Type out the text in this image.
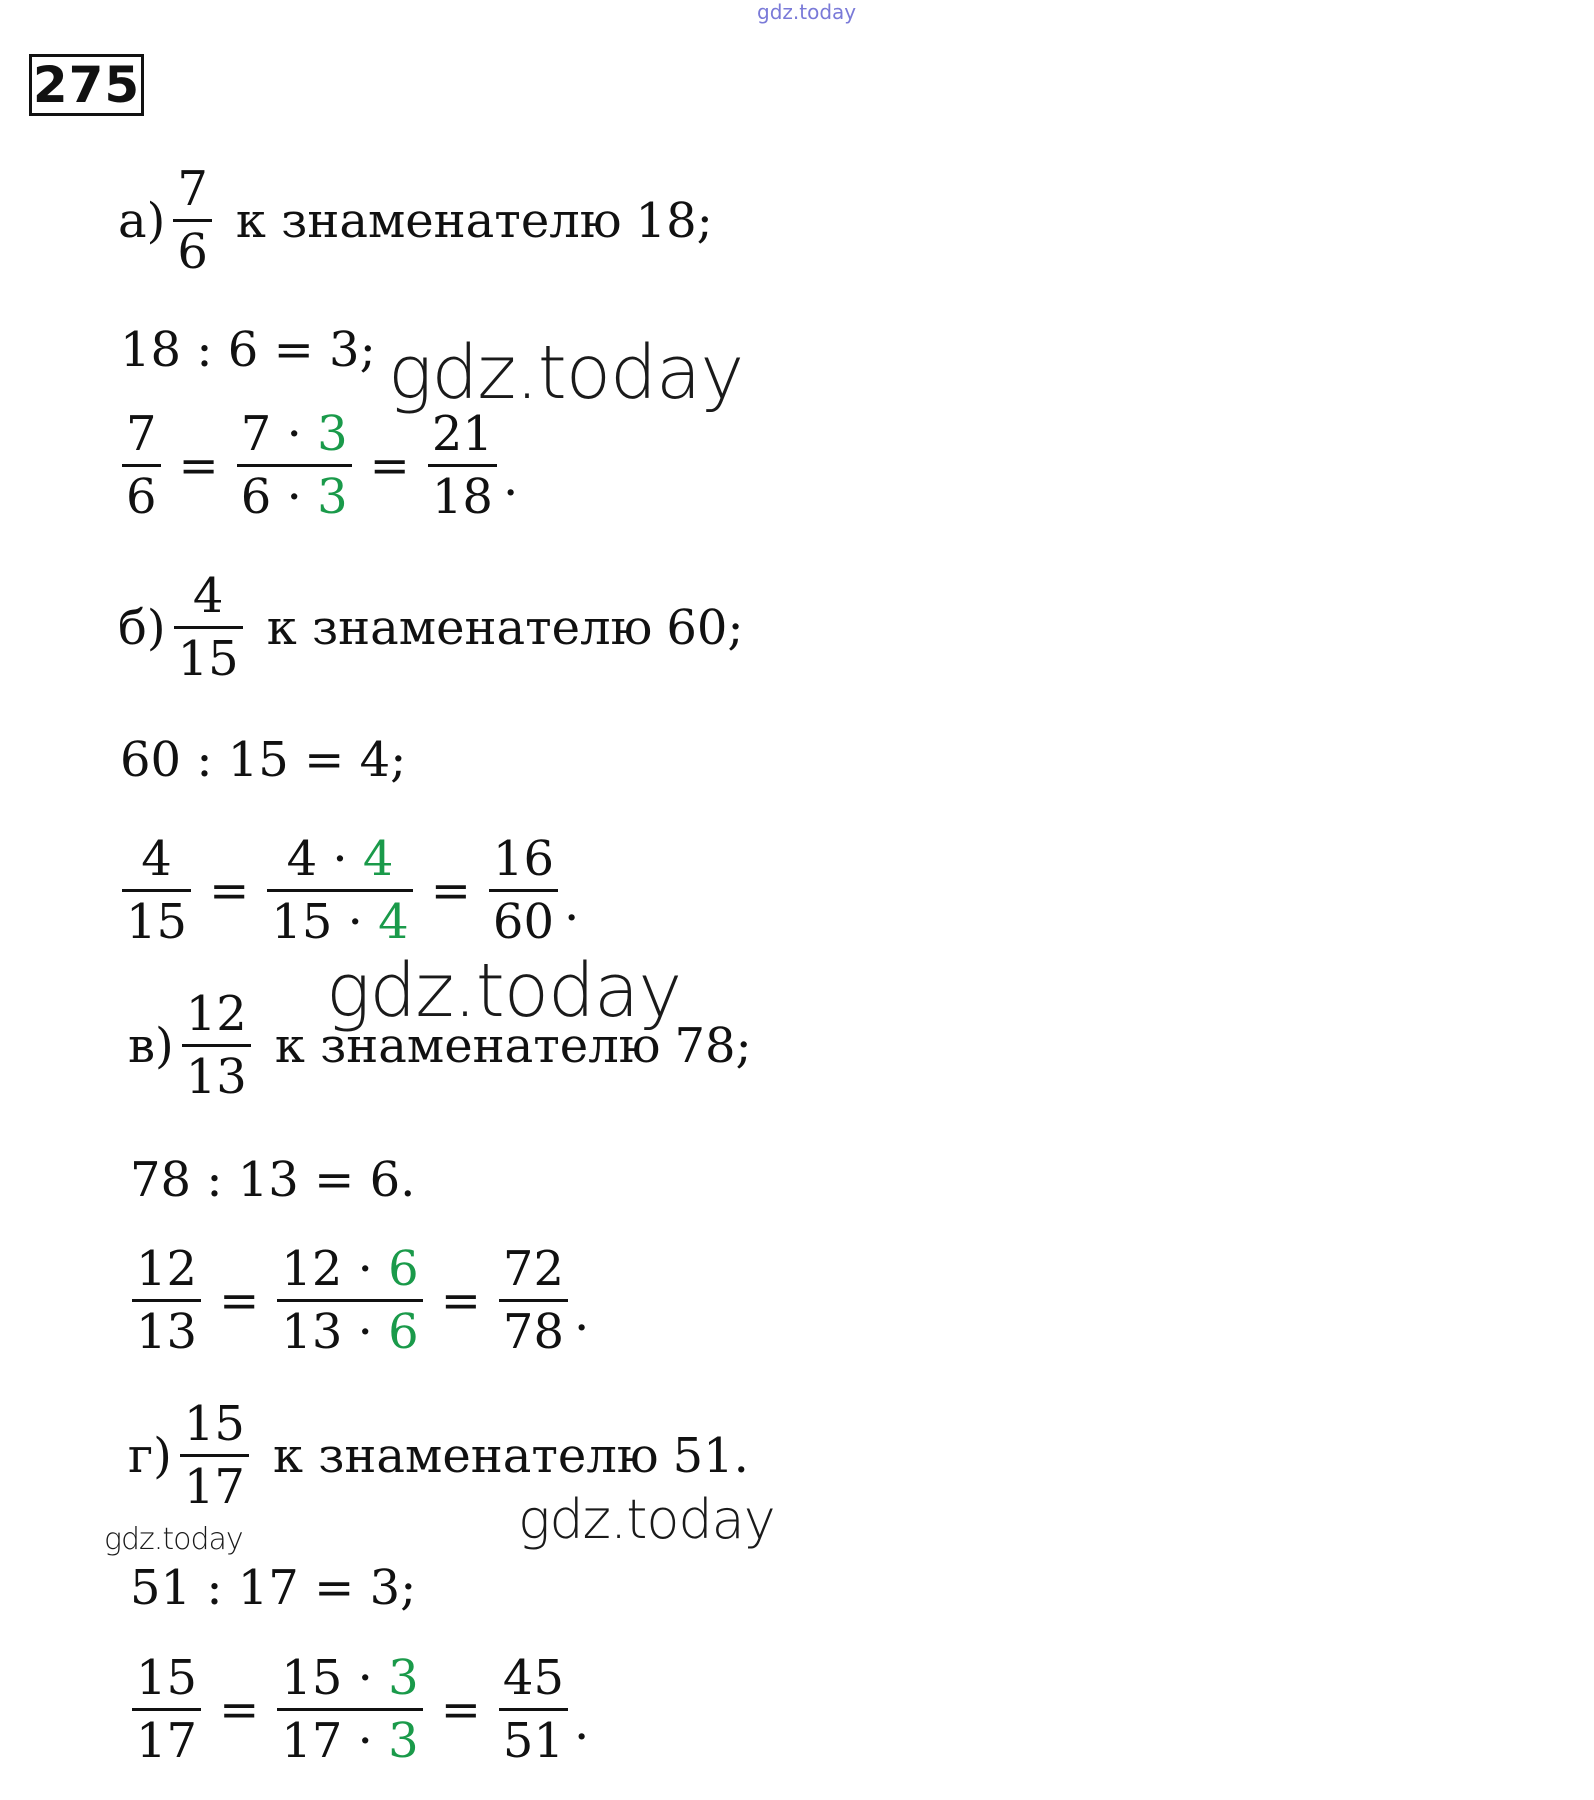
gdz.today
275
$а) \frac{7}{6}$ к знаменателю 18;
18 : 6 = 3;
$\frac{7}{6} = \frac{7 \cdot 3}{6 \cdot 3} = \frac{21}{18}$ .
$б) \frac{4}{15}$ к знаменателю 60;
60 : 15 = 4;
$\frac{4}{15} = \frac{4 \cdot 4}{15 \cdot 4} = \frac{16}{60}$ .
$в) \frac{12}{13}$ к знаменателю 78;
78 : 13 = 6.
$\frac{12}{13} = \frac{12 \cdot 6}{13 \cdot 6} = \frac{72}{78}$ .
$г) \frac{15}{17}$ к знаменателю 51.
51 : 17 = 3;
$\frac{15}{17} = \frac{15 \cdot 3}{17 \cdot 3} = \frac{45}{51}$ .
gdz.today
gdz.today
gdz.today
gdz.today
